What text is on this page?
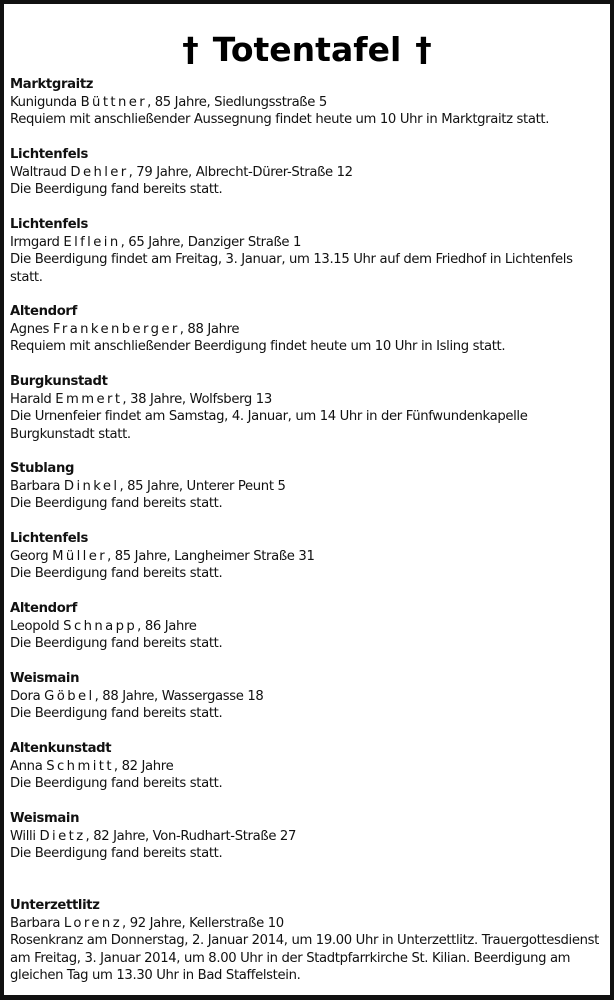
† Totentafel †
Marktgraitz
Kunigunda Büttner, 85 Jahre, Siedlungsstraße 5
Requiem mit anschließender Aussegnung findet heute um 10 Uhr in Marktgraitz statt.
Lichtenfels
Waltraud Dehler, 79 Jahre, Albrecht-Dürer-Straße 12
Die Beerdigung fand bereits statt.
Lichtenfels
Irmgard Elflein, 65 Jahre, Danziger Straße 1
Die Beerdigung findet am Freitag, 3. Januar, um 13.15 Uhr auf dem Friedhof in Lichtenfels statt.
Altendorf
Agnes Frankenberger, 88 Jahre
Requiem mit anschließender Beerdigung findet heute um 10 Uhr in Isling statt.
Burgkunstadt
Harald Emmert, 38 Jahre, Wolfsberg 13
Die Urnenfeier findet am Samstag, 4. Januar, um 14 Uhr in der Fünfwundenkapelle Burgkunstadt statt.
Stublang
Barbara Dinkel, 85 Jahre, Unterer Peunt 5
Die Beerdigung fand bereits statt.
Lichtenfels
Georg Müller, 85 Jahre, Langheimer Straße 31
Die Beerdigung fand bereits statt.
Altendorf
Leopold Schnapp, 86 Jahre
Die Beerdigung fand bereits statt.
Weismain
Dora Göbel, 88 Jahre, Wassergasse 18
Die Beerdigung fand bereits statt.
Altenkunstadt
Anna Schmitt, 82 Jahre
Die Beerdigung fand bereits statt.
Weismain
Willi Dietz, 82 Jahre, Von-Rudhart-Straße 27
Die Beerdigung fand bereits statt.
Unterzettlitz
Barbara Lorenz, 92 Jahre, Kellerstraße 10
Rosenkranz am Donnerstag, 2. Januar 2014, um 19.00 Uhr in Unterzettlitz. Trauergottesdienst am Freitag, 3. Januar 2014, um 8.00 Uhr in der Stadtpfarrkirche St. Kilian. Beerdigung am gleichen Tag um 13.30 Uhr in Bad Staffelstein.
